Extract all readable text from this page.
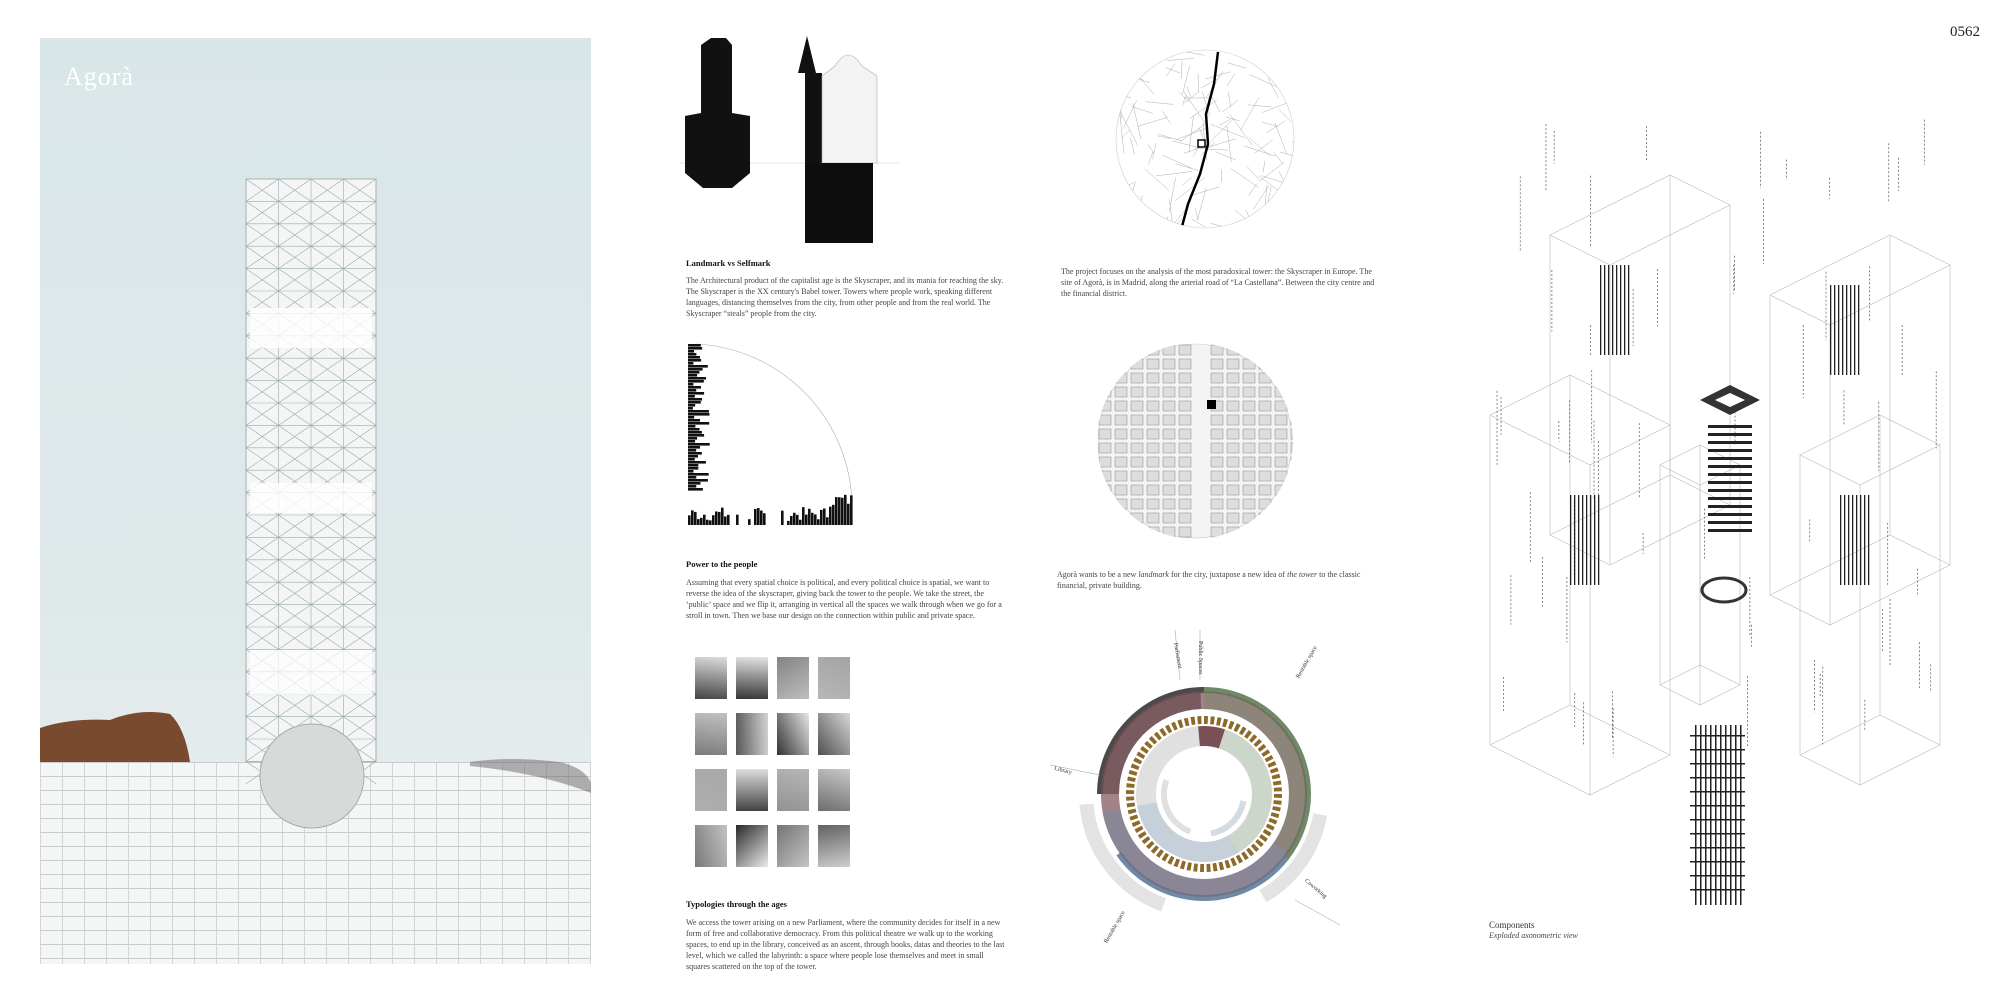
Agorà
Landmark vs Selfmark
The Architectural product of the capitalist age is the Skyscraper, and its mania for reaching the sky. The Skyscraper is the XX century's Babel tower. Towers where people work, speaking different languages, distancing themselves from the city, from other people and from the real world. The Skyscraper “steals” people from the city.
Power to the people
Assuming that every spatial choice is political, and every political choice is spatial, we want to reverse the idea of the skyscraper, giving back the tower to the people. We take the street, the ‘public’ space and we flip it, arranging in vertical all the spaces we walk through when we go for a stroll in town. Then we base our design on the connection within public and private space.
Typologies through the ages
We access the tower arising on a new Parliament, where the community decides for itself in a new form of free and collaborative democracy. From this political theatre we walk up to the working spaces, to end up in the library, conceived as an ascent, through books, datas and theories to the last level, which we called the labyrinth: a space where people lose themselves and meet in small squares scattered on the top of the tower.
The project focuses on the analysis of the most paradoxical tower: the Skyscraper in Europe. The site of Agorà, is in Madrid, along the arterial road of “La Castellana”. Between the city centre and the financial district.
Agorà wants to be a new landmark for the city, juxtapose a new idea of the tower to the classic financial, private building.
Parliament Public Spaces	Rentable space
Library
Coworking
Rentable space
0562
Components
Exploded axonometric view
